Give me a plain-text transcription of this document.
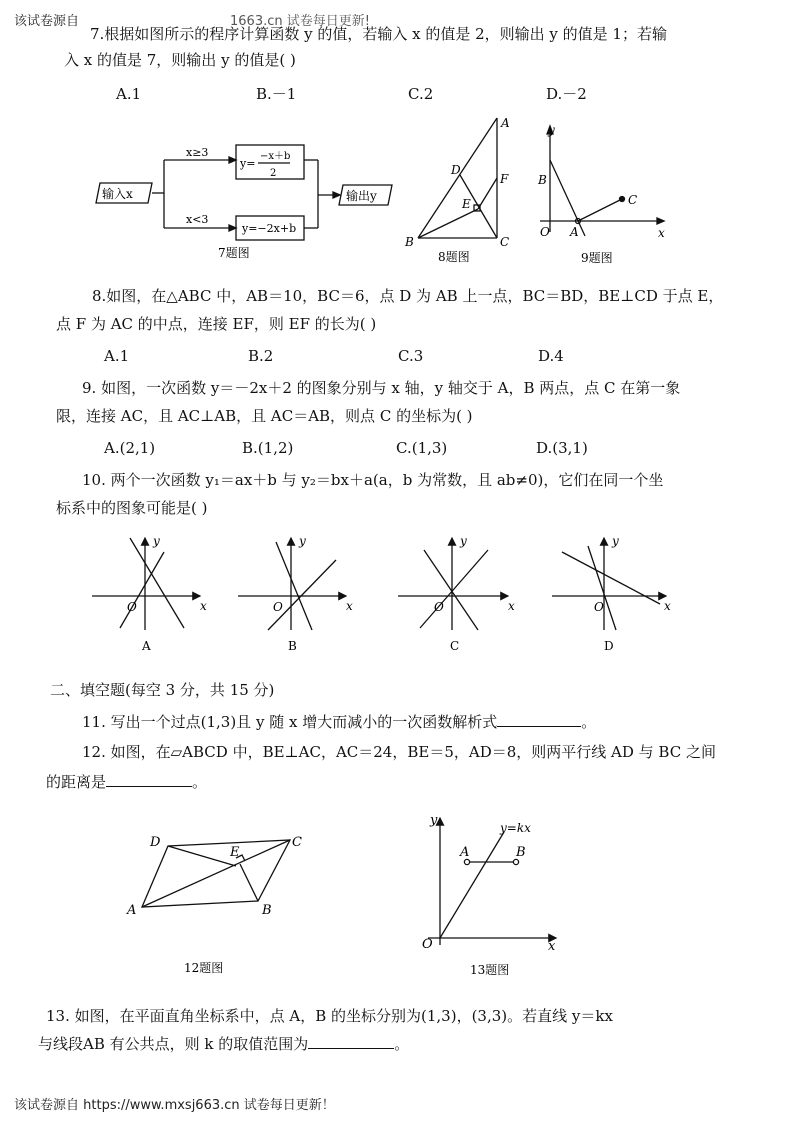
该试卷源自	1663.cn 试卷每日更新!
7.根据如图所示的程序计算函数 y 的值，若输入 x 的值是 2，则输出 y 的值是 1；若输
入 x 的值是 7，则输出 y 的值是( )
A.1	B.－1	C.2	D.－2
输入x	输出y
x≥3
x<3
y=
−x＋b
2
y=−2x+b
7题图
A
B	C
D
E
F
8题图
y
B
C
O A	x
9题图
8.如图，在△ABC 中，AB＝10，BC＝6，点 D 为 AB 上一点，BC＝BD，BE⊥CD 于点 E，
点 F 为 AC 的中点，连接 EF，则 EF 的长为( )
A.1	B.2	C.3	D.4
9. 如图，一次函数 y＝－2x＋2 的图象分别与 x 轴，y 轴交于 A，B 两点，点 C 在第一象
限，连接 AC，且 AC⊥AB，且 AC＝AB，则点 C 的坐标为( )
A.(2,1)	B.(1,2)	C.(1,3)	D.(3,1)
10. 两个一次函数 y₁＝ax＋b 与 y₂＝bx＋a(a，b 为常数，且 ab≠0)，它们在同一个坐
标系中的图象可能是( )
x
y
O
A
x
y
O
B
x
y
O
C
x
y
O
D
二、填空题(每空 3 分，共 15 分)
11. 写出一个过点(1,3)且 y 随 x 增大而减小的一次函数解析式	。
12. 如图，在▱ABCD 中，BE⊥AC，AC＝24，BE＝5，AD＝8，则两平行线 AD 与 BC 之间
的距离是	。
D	C
E
A	B
12题图
y	y=kx
A	B
O	x
13题图
13. 如图，在平面直角坐标系中，点 A，B 的坐标分别为(1,3)，(3,3)。若直线 y＝kx
与线段AB 有公共点，则 k 的取值范围为	。
该试卷源自 https://www.mxsj663.cn 试卷每日更新！
